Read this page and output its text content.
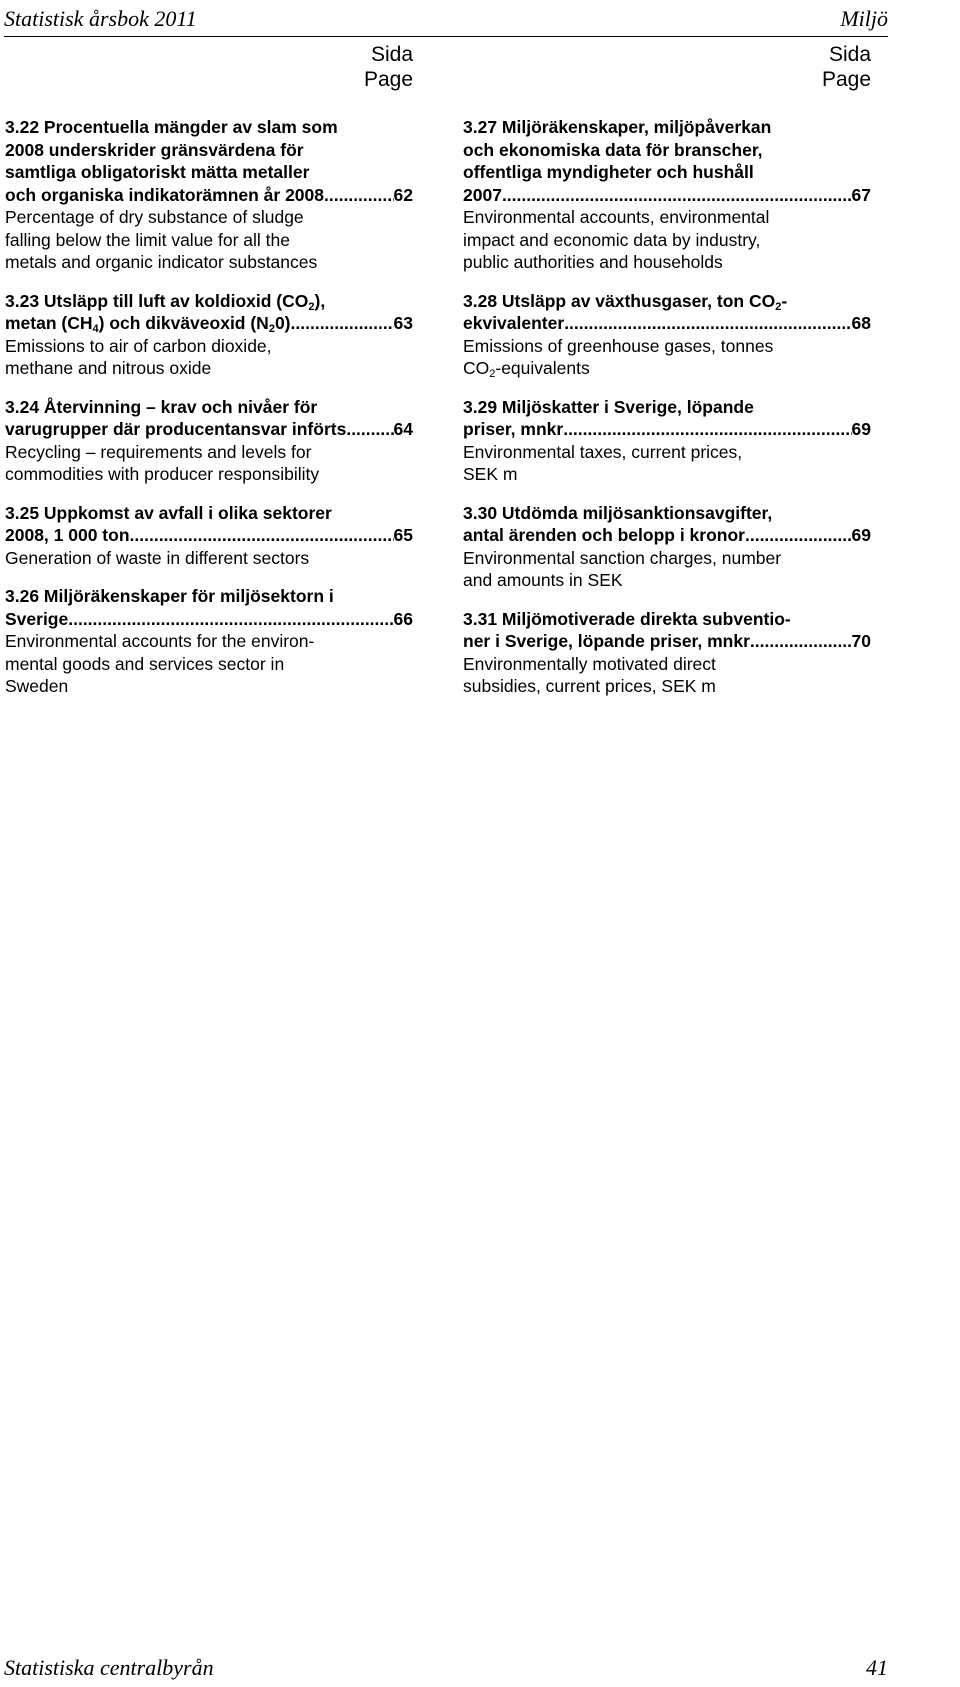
Statistisk årsbok 2011	Miljö
Sida
Page
3.22 Procentuella mängder av slam som
2008 underskrider gränsvärdena för
samtliga obligatoriskt mätta metaller
och organiska indikatorämnen år 2008 .....	62
Percentage of dry substance of sludge
falling below the limit value for all the
metals and organic indicator substances
3.23 Utsläpp till luft av koldioxid $(CO_2)$,
metan $(CH_4)$ och dikväveoxid $(N_20)$ .....	63
Emissions to air of carbon dioxide,
methane and nitrous oxide
3.24 Återvinning – krav och nivåer för
varugrupper där producentansvar införts .....	64
Recycling – requirements and levels for
commodities with producer responsibility
3.25 Uppkomst av avfall i olika sektorer
2008, 1 000 ton .....	65
Generation of waste in different sectors
3.26 Miljöräkenskaper för miljösektorn i
Sverige .....	66
Environmental accounts for the environ-
mental goods and services sector in
Sweden
Sida
Page
3.27 Miljöräkenskaper, miljöpåverkan
och ekonomiska data för branscher,
offentliga myndigheter och hushåll
2007 .....	67
Environmental accounts, environmental
impact and economic data by industry,
public authorities and households
3.28 Utsläpp av växthusgaser, ton $CO_2-$
ekvivalenter .....	68
Emissions of greenhouse gases, tonnes
$CO_2$-equivalents
3.29 Miljöskatter i Sverige, löpande
priser, mnkr .....	69
Environmental taxes, current prices,
SEK m
3.30 Utdömda miljösanktionsavgifter,
antal ärenden och belopp i kronor .....	69
Environmental sanction charges, number
and amounts in SEK
3.31 Miljömotiverade direkta subventio-
ner i Sverige, löpande priser, mnkr .....	70
Environmentally motivated direct
subsidies, current prices, SEK m
Statistiska centralbyrån	41
